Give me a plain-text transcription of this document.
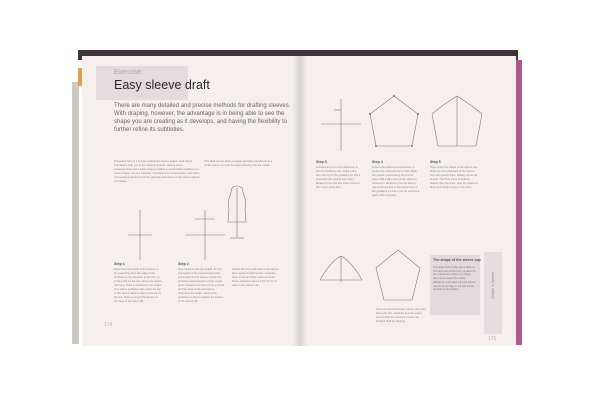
Exercise:
Easy sleeve draft
There are many detailed and precise methods for drafting sleeves. With draping, however, the advantage is in being able to see the shape you are creating as it develops, and having the flexibility to further refine its subtleties.
Presented here is a simple, preliminary sleeve pattern draft that is intended to help you in the draping process. Having some measurements and a basic shape to follow is useful when working on a sleeve drape. It is not, however, intended to be a final pattern, but rather a time-saving device to set the general parameters of the sleeve volume and shape.
This draft can be done on paper and then transferred to a muslin piece, or it can be drawn directly onto the muslin.
Step 1
Determine the height of the sleeve, A, by measuring from the edge of the armhole on the shoulder to the arm, or to the point on the arm where the sleeve will hang. Draw a vertical line the height of A, with a guideline that marks the top of the sleeve (Sleeve Cap) at the top of the line. Draw a perpendicular line at the base of the line A (B).
Step 2
Now measure the cap height, B. The cap height is the measurement that works best for the sleeve. Divide the armhole measurement in three equal parts. Measure the front of the armhole and the back of the armhole to determine the shape. Extend the guideline so that it reaches the bottom of the sleeve (B).
Sketch the front and back of the sleeve, then measure both curves. Compare them to the armhole measurements. There should be about 2.5-3.75 cm of ease in the sleeve cap.
174
Step 3
Subtract the front circumference, A, from B. Divide by two. Draw a line from the top of the guideline so that it intersects the vertical line (Cap). Measure from the two outer points to the center of the line.
Step 4
Extend the bodice circumference, A. Divide this measurement in half. Mark the quarter points along the line for ease. Add a little extra at the sides for movement. Measure from the sleeve cap at the top line to the bottom line of the guideline so that it can be used as a guide when draping.
Step 5
Now create the shape of the sleeve cap. Mark the front and back of the sleeve from the quarter lines, adding curves as shown. The front curve should be deeper than the back. Now the sleeve is done and ready to test on the form.
Trace the front and back curves, then fold along the line. Carefully true the edges and smooth the curves to create the finished draft for draping.
The shape of the sleeve cap
The upper third of the cap is fuller at the back than at the front, to allow for arm movement. When you drape, take care to keep this subtle difference, and make sure the sleeve cap is not too high or too low for the armhole of the bodice.	Chapter 4: Sleeves
175
